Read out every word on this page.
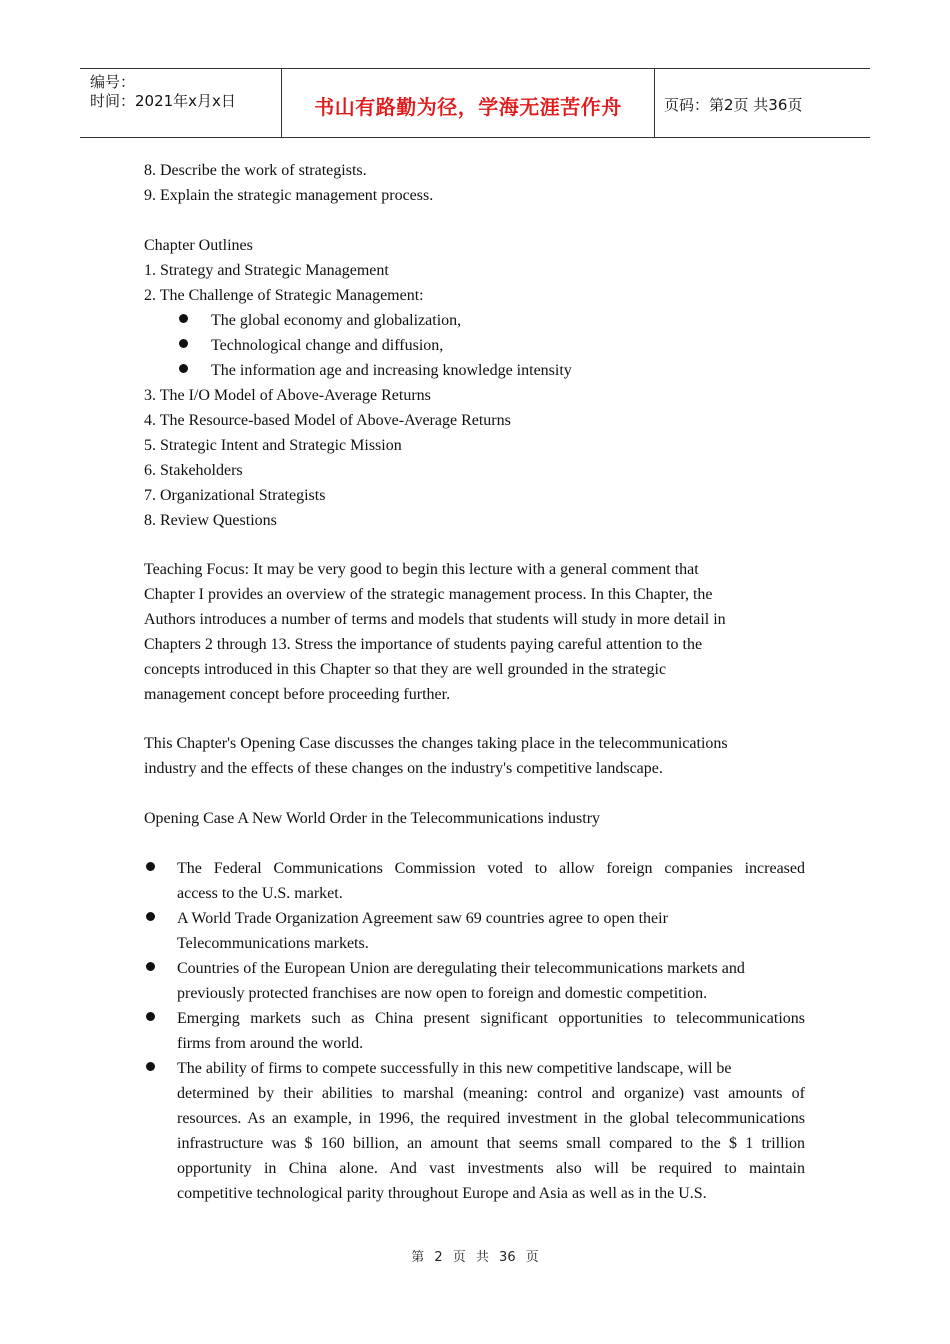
编号：
时间：2021年x月x日	书山有路勤为径，学海无涯苦作舟	页码：第2页 共36页
8. Describe the work of strategists.
9. Explain the strategic management process.
Chapter Outlines
1. Strategy and Strategic Management
2. The Challenge of Strategic Management:
The global economy and globalization,
Technological change and diffusion,
The information age and increasing knowledge intensity
3. The I/O Model of Above-Average Returns
4. The Resource-based Model of Above-Average Returns
5. Strategic Intent and Strategic Mission
6. Stakeholders
7. Organizational Strategists
8. Review Questions

Teaching Focus: It may be very good to begin this lecture with a general comment that

Chapter I provides an overview of the strategic management process. In this Chapter, the

Authors introduces a number of terms and models that students will study in more detail in

Chapters 2 through 13. Stress the importance of students paying careful attention to the

concepts introduced in this Chapter so that they are well grounded in the strategic

management concept before proceeding further.

This Chapter's Opening Case discusses the changes taking place in the telecommunications

industry and the effects of these changes on the industry's competitive landscape.

Opening Case A New World Order in the Telecommunications industry
The Federal Communications Commission voted to allow foreign companies increased
access to the U.S. market.
A World Trade Organization Agreement saw 69 countries agree to open their
Telecommunications markets.
Countries of the European Union are deregulating their telecommunications markets and
previously protected franchises are now open to foreign and domestic competition.
Emerging markets such as China present significant opportunities to telecommunications
firms from around the world.
The ability of firms to compete successfully in this new competitive landscape, will be
determined by their abilities to marshal (meaning: control and organize) vast amounts of
resources. As an example, in 1996, the required investment in the global telecommunications
infrastructure was $ 160 billion, an amount that seems small compared to the $ 1 trillion
opportunity in China alone. And vast investments also will be required to maintain
competitive technological parity throughout Europe and Asia as well as in the U.S.
第 2 页 共 36 页
